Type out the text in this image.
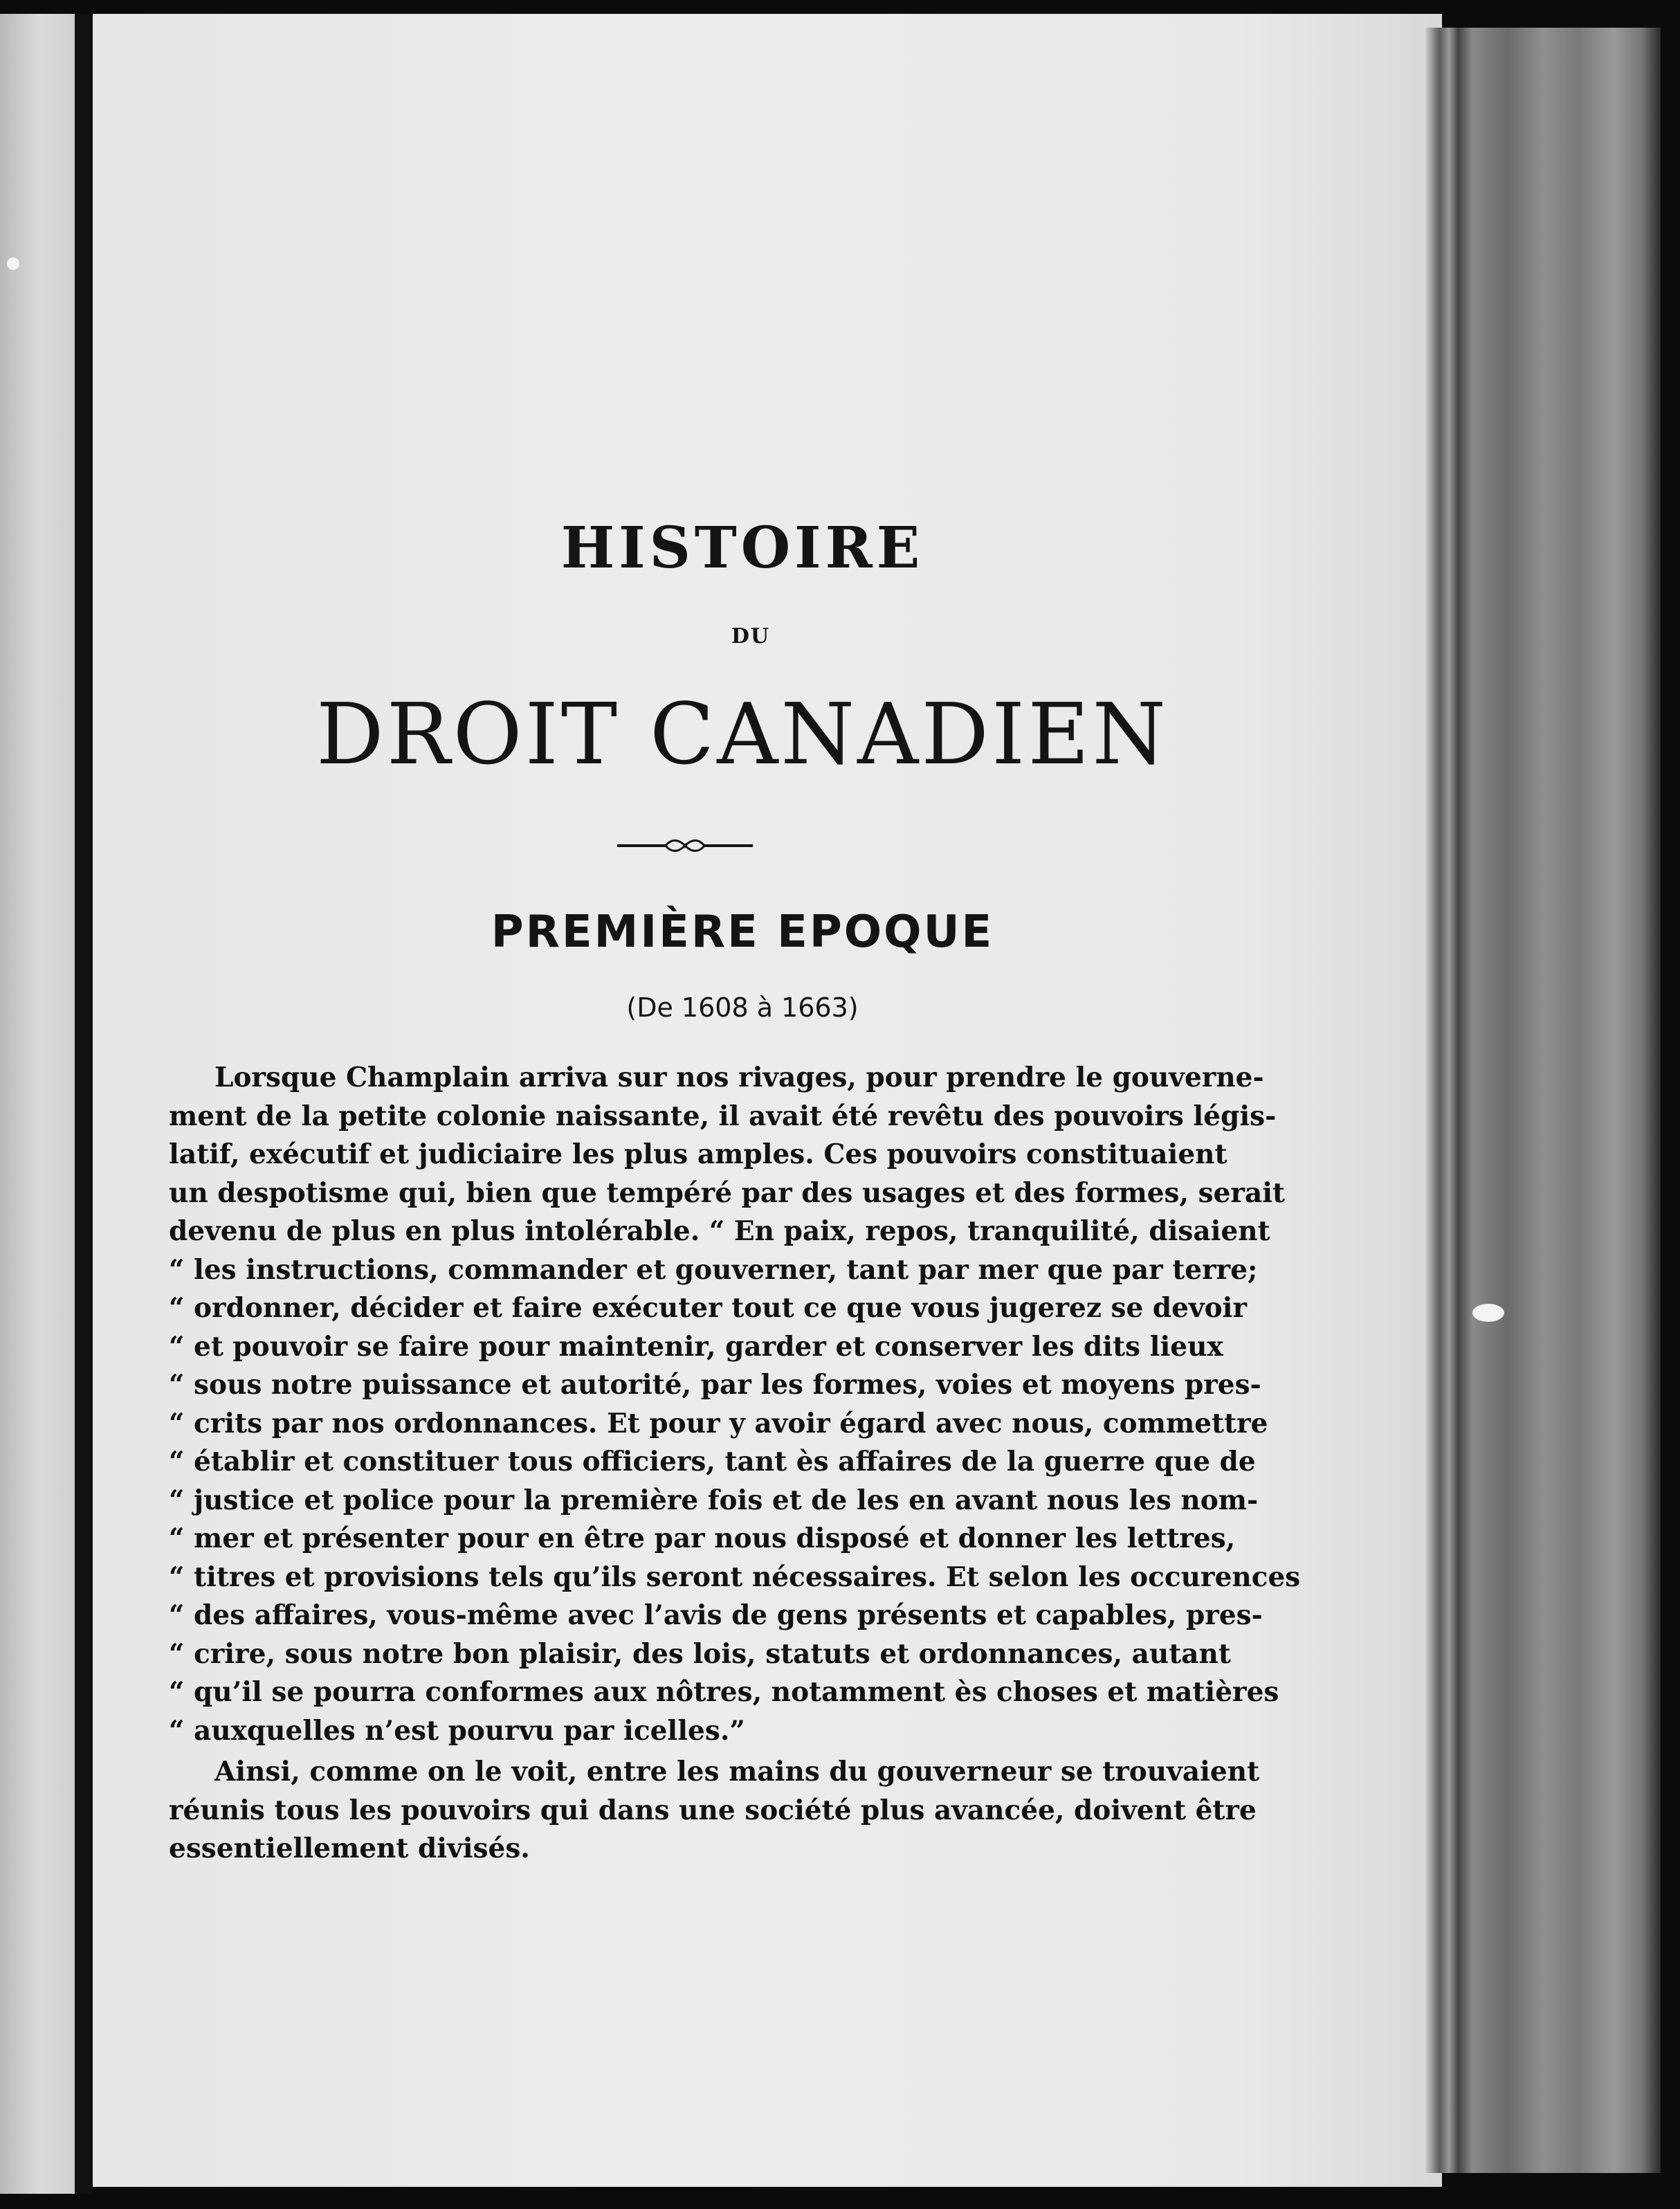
HISTOIRE
DU
DROIT CANADIEN
PREMIÈRE EPOQUE
(De 1608 à 1663)
Lorsque Champlain arriva sur nos rivages, pour prendre le gouverne-
ment de la petite colonie naissante, il avait été revêtu des pouvoirs légis-
latif, exécutif et judiciaire les plus amples. Ces pouvoirs constituaient
un despotisme qui, bien que tempéré par des usages et des formes, serait
devenu de plus en plus intolérable. “ En paix, repos, tranquilité, disaient
“ les instructions, commander et gouverner, tant par mer que par terre;
“ ordonner, décider et faire exécuter tout ce que vous jugerez se devoir
“ et pouvoir se faire pour maintenir, garder et conserver les dits lieux
“ sous notre puissance et autorité, par les formes, voies et moyens pres-
“ crits par nos ordonnances. Et pour y avoir égard avec nous, commettre
“ établir et constituer tous officiers, tant ès affaires de la guerre que de
“ justice et police pour la première fois et de les en avant nous les nom-
“ mer et présenter pour en être par nous disposé et donner les lettres,
“ titres et provisions tels qu’ils seront nécessaires. Et selon les occurences
“ des affaires, vous-même avec l’avis de gens présents et capables, pres-
“ crire, sous notre bon plaisir, des lois, statuts et ordonnances, autant
“ qu’il se pourra conformes aux nôtres, notamment ès choses et matières
“ auxquelles n’est pourvu par icelles.”
Ainsi, comme on le voit, entre les mains du gouverneur se trouvaient
réunis tous les pouvoirs qui dans une société plus avancée, doivent être
essentiellement divisés.
